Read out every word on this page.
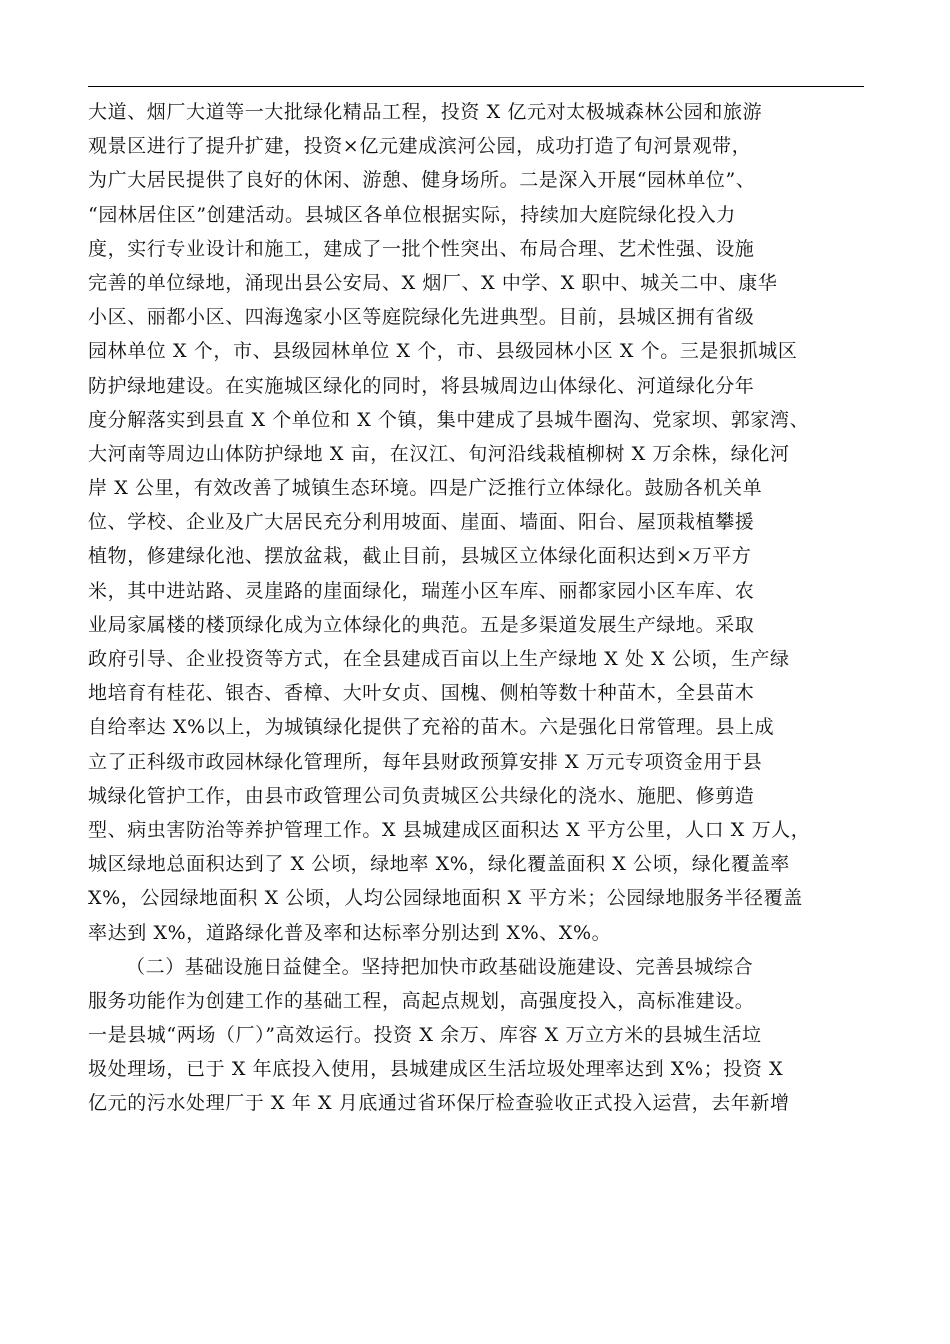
大道、烟厂大道等一大批绿化精品工程，投资 X 亿元对太极城森林公园和旅游
观景区进行了提升扩建，投资×亿元建成滨河公园，成功打造了旬河景观带，
为广大居民提供了良好的休闲、游憩、健身场所。二是深入开展“园林单位”、
“园林居住区”创建活动。县城区各单位根据实际，持续加大庭院绿化投入力
度，实行专业设计和施工，建成了一批个性突出、布局合理、艺术性强、设施
完善的单位绿地，涌现出县公安局、X 烟厂、X 中学、X 职中、城关二中、康华
小区、丽都小区、四海逸家小区等庭院绿化先进典型。目前，县城区拥有省级
园林单位 X 个，市、县级园林单位 X 个，市、县级园林小区 X 个。三是狠抓城区
防护绿地建设。在实施城区绿化的同时，将县城周边山体绿化、河道绿化分年
度分解落实到县直 X 个单位和 X 个镇，集中建成了县城牛圈沟、党家坝、郭家湾、
大河南等周边山体防护绿地 X 亩，在汉江、旬河沿线栽植柳树 X 万余株，绿化河
岸 X 公里，有效改善了城镇生态环境。四是广泛推行立体绿化。鼓励各机关单
位、学校、企业及广大居民充分利用坡面、崖面、墙面、阳台、屋顶栽植攀援
植物，修建绿化池、摆放盆栽，截止目前，县城区立体绿化面积达到×万平方
米，其中进站路、灵崖路的崖面绿化，瑞莲小区车库、丽都家园小区车库、农
业局家属楼的楼顶绿化成为立体绿化的典范。五是多渠道发展生产绿地。采取
政府引导、企业投资等方式，在全县建成百亩以上生产绿地 X 处 X 公顷，生产绿
地培育有桂花、银杏、香樟、大叶女贞、国槐、侧柏等数十种苗木，全县苗木
自给率达 X%以上，为城镇绿化提供了充裕的苗木。六是强化日常管理。县上成
立了正科级市政园林绿化管理所，每年县财政预算安排 X 万元专项资金用于县
城绿化管护工作，由县市政管理公司负责城区公共绿化的浇水、施肥、修剪造
型、病虫害防治等养护管理工作。X 县城建成区面积达 X 平方公里，人口 X 万人，
城区绿地总面积达到了 X 公顷，绿地率 X%，绿化覆盖面积 X 公顷，绿化覆盖率
X%，公园绿地面积 X 公顷，人均公园绿地面积 X 平方米；公园绿地服务半径覆盖
率达到 X%，道路绿化普及率和达标率分别达到 X%、X%。
（二）基础设施日益健全。坚持把加快市政基础设施建设、完善县城综合
服务功能作为创建工作的基础工程，高起点规划，高强度投入，高标准建设。
一是县城“两场（厂）”高效运行。投资 X 余万、库容 X 万立方米的县城生活垃
圾处理场，已于 X 年底投入使用，县城建成区生活垃圾处理率达到 X%；投资 X
亿元的污水处理厂于 X 年 X 月底通过省环保厅检查验收正式投入运营，去年新增
